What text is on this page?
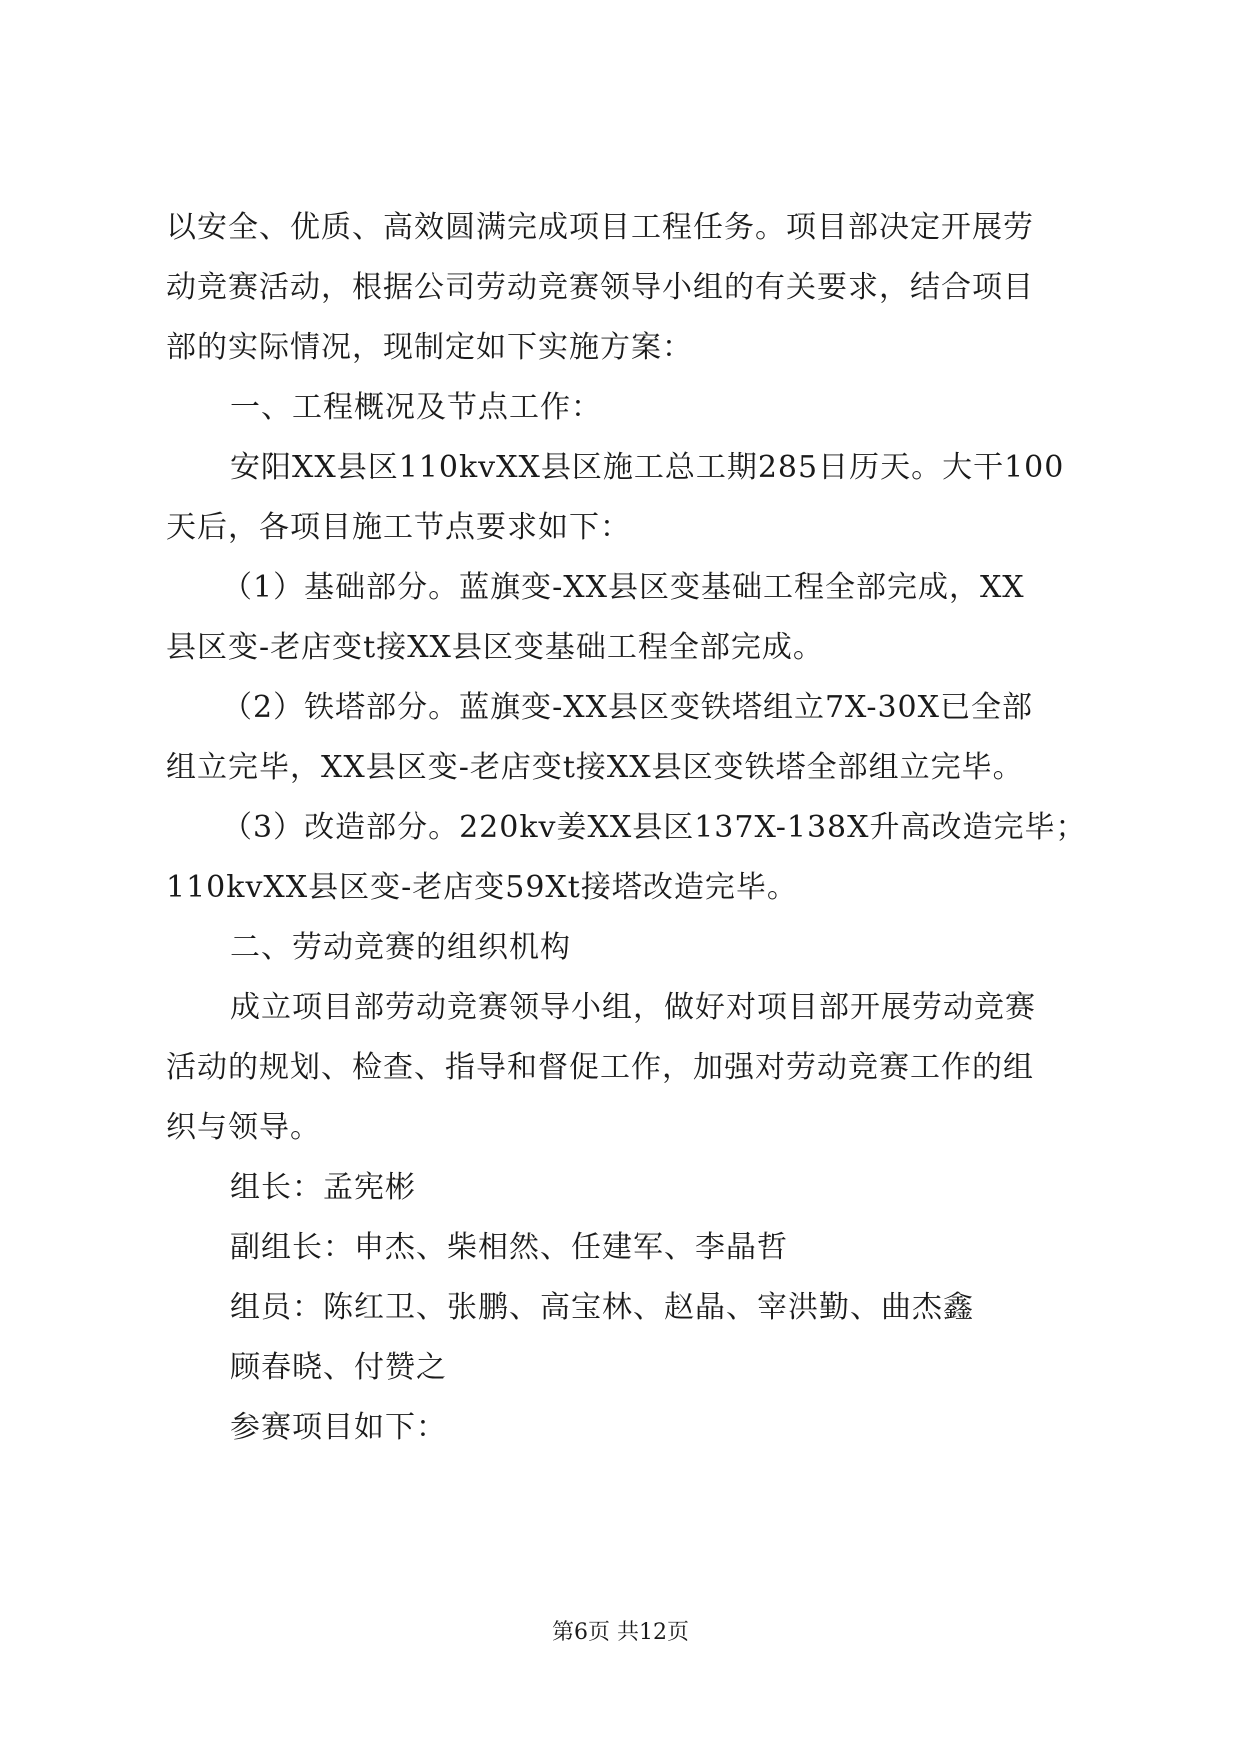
以安全、优质、高效圆满完成项目工程任务。项目部决定开展劳
动竞赛活动，根据公司劳动竞赛领导小组的有关要求，结合项目
部的实际情况，现制定如下实施方案：
一、工程概况及节点工作：
安阳XX县区110kvXX县区施工总工期285日历天。大干100
天后，各项目施工节点要求如下：
（1）基础部分。蓝旗变-XX县区变基础工程全部完成，XX
县区变-老店变t接XX县区变基础工程全部完成。
（2）铁塔部分。蓝旗变-XX县区变铁塔组立7X-30X已全部
组立完毕，XX县区变-老店变t接XX县区变铁塔全部组立完毕。
（3）改造部分。220kv姜XX县区137X-138X升高改造完毕；
110kvXX县区变-老店变59Xt接塔改造完毕。
二、劳动竞赛的组织机构
成立项目部劳动竞赛领导小组，做好对项目部开展劳动竞赛
活动的规划、检查、指导和督促工作，加强对劳动竞赛工作的组
织与领导。
组长：孟宪彬
副组长：申杰、柴相然、任建军、李晶哲
组员：陈红卫、张鹏、高宝林、赵晶、宰洪勤、曲杰鑫
顾春晓、付赞之
参赛项目如下：
第6页 共12页
